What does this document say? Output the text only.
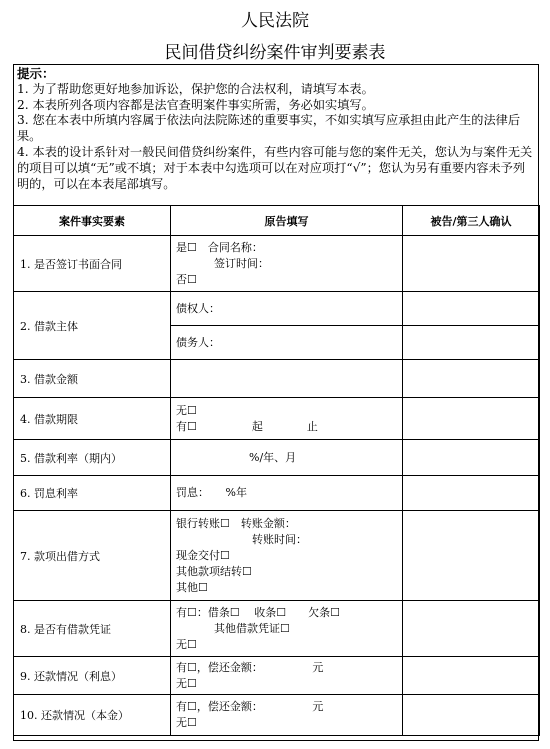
人民法院
民间借贷纠纷案件审判要素表

提示：

1. 为了帮助您更好地参加诉讼，保护您的合法权利，请填写本表。

2. 本表所列各项内容都是法官查明案件事实所需，务必如实填写。

3. 您在本表中所填内容属于依法向法院陈述的重要事实，不如实填写应承担由此产生的法律后果。

4. 本表的设计系针对一般民间借贷纠纷案件，有些内容可能与您的案件无关，您认为与案件无关的项目可以填“无”或不填；对于本表中勾选项可以在对应项打“√”；您认为另有重要内容未予列明的，可以在本表尾部填写。

案件事实要素	原告填写	被告/第三人确认
1. 是否签订书面合同	是☐　合同名称：
签订时间：
否☐	

2. 借款主体	债权人：	
	债务人：	
3. 借款金额		
4. 借款期限	无☐
有☐　　　　　起　　　　止	

5. 借款利率（期内）	　　　%/年、月	

6. 罚息利率	罚息：　　%年	
7. 款项出借方式	银行转账☐　转账金额：
转账时间：
现金交付☐
其他款项结转☐
其他☐	

8. 是否有借款凭证	有☐：借条☐　 收条☐　　欠条☐
其他借款凭证☐
无☐	

9. 还款情况（利息）	有☐，偿还金额：　　　　　元
无☐	

10. 还款情况（本金）	有☐，偿还金额：　　　　　元
无☐	
